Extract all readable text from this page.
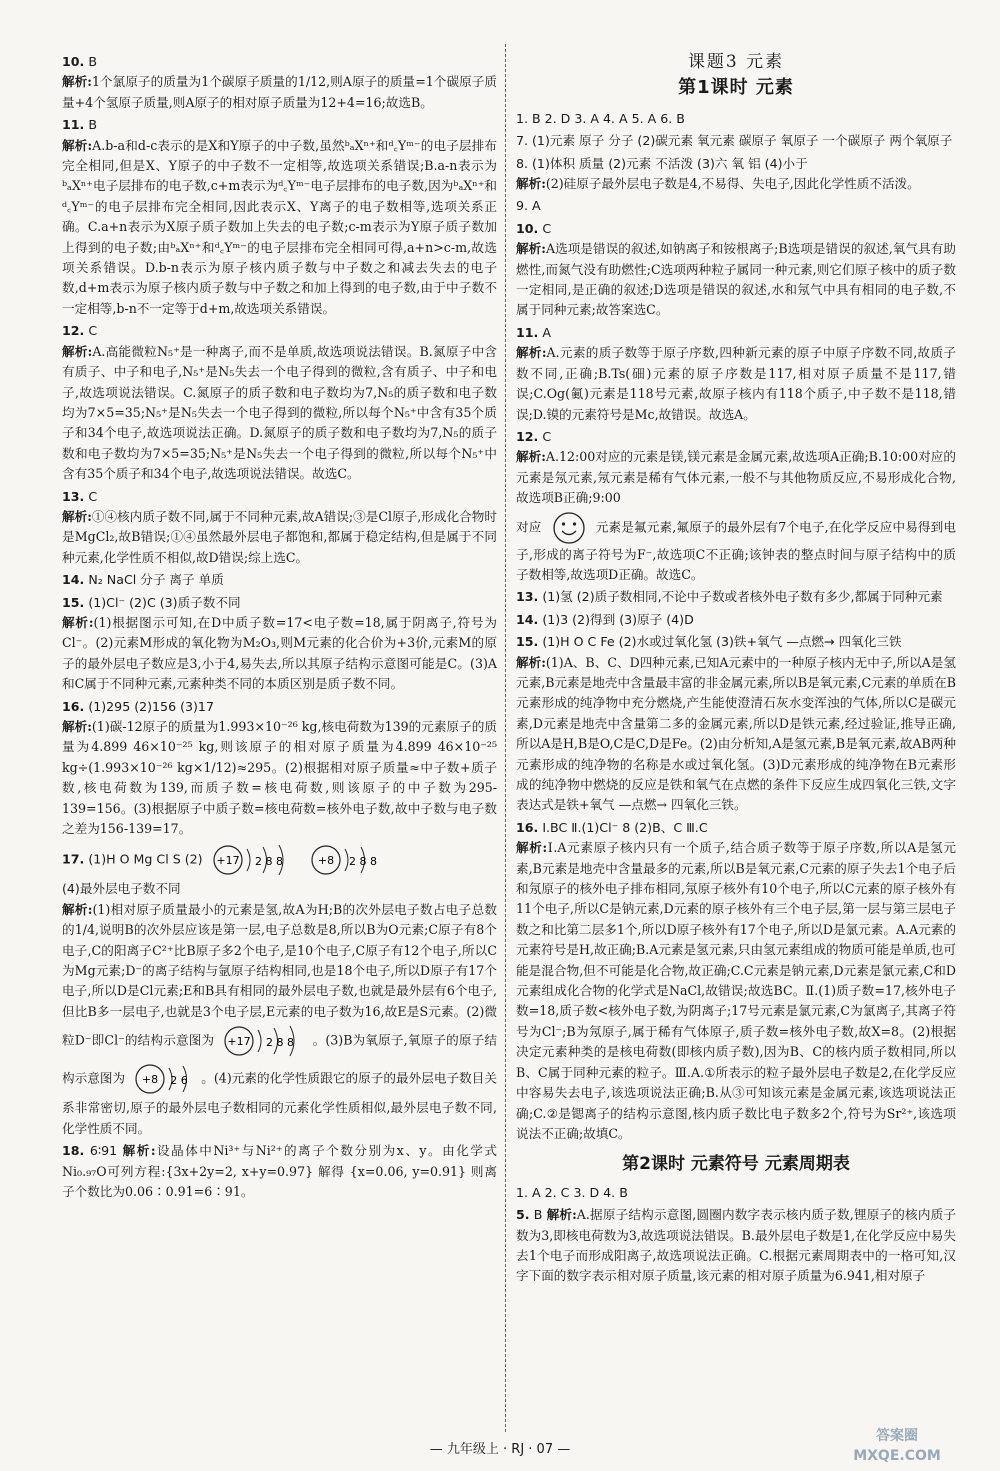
10. B
解析:1个氯原子的质量为1个碳原子质量的1/12,则A原子的质量=1个碳原子质量+4个氢原子质量,则A原子的相对原子质量为12+4=16;故选B。
11. B
解析:A.b-a和d-c表示的是X和Y原子的中子数,虽然ᵇₐXⁿ⁺和ᵈ꜀Yᵐ⁻的电子层排布完全相同,但是X、Y原子的中子数不一定相等,故选项关系错误;B.a-n表示为ᵇₐXⁿ⁺电子层排布的电子数,c+m表示为ᵈ꜀Yᵐ⁻电子层排布的电子数,因为ᵇₐXⁿ⁺和ᵈ꜀Yᵐ⁻的电子层排布完全相同,因此表示X、Y离子的电子数相等,选项关系正确。C.a+n表示为X原子质子数加上失去的电子数;c-m表示为Y原子质子数加上得到的电子数;由ᵇₐXⁿ⁺和ᵈ꜀Yᵐ⁻的电子层排布完全相同可得,a+n>c-m,故选项关系错误。D.b-n表示为原子核内质子数与中子数之和减去失去的电子数,d+m表示为原子核内质子数与中子数之和加上得到的电子数,由于中子数不一定相等,b-n不一定等于d+m,故选项关系错误。
12. C
解析:A.高能微粒N₅⁺是一种离子,而不是单质,故选项说法错误。B.氮原子中含有质子、中子和电子,N₅⁺是N₅失去一个电子得到的微粒,含有质子、中子和电子,故选项说法错误。C.氮原子的质子数和电子数均为7,N₅的质子数和电子数均为7×5=35;N₅⁺是N₅失去一个电子得到的微粒,所以每个N₅⁺中含有35个质子和34个电子,故选项说法正确。D.氮原子的质子数和电子数均为7,N₅的质子数和电子数均为7×5=35;N₅⁺是N₅失去一个电子得到的微粒,所以每个N₅⁺中含有35个质子和34个电子,故选项说法错误。故选C。
13. C
解析:①④核内质子数不同,属于不同种元素,故A错误;③是Cl原子,形成化合物时是MgCl₂,故B错误;①④虽然最外层电子都饱和,都属于稳定结构,但是属于不同种元素,化学性质不相似,故D错误;综上选C。
14. N₂ NaCl 分子 离子 单质
15. (1)Cl⁻ (2)C (3)质子数不同
解析:(1)根据图示可知,在D中质子数=17<电子数=18,属于阴离子,符号为Cl⁻。(2)元素M形成的氧化物为M₂O₃,则M元素的化合价为+3价,元素M的原子的最外层电子数应是3,小于4,易失去,所以其原子结构示意图可能是C。(3)A和C属于不同种元素,元素种类不同的本质区别是质子数不同。
16. (1)295 (2)156 (3)17
解析:(1)碳-12原子的质量为1.993×10⁻²⁶ kg,核电荷数为139的元素原子的质量为4.899 46×10⁻²⁵ kg,则该原子的相对原子质量为4.899 46×10⁻²⁵ kg÷(1.993×10⁻²⁶ kg×1/12)≈295。(2)根据相对原子质量≈中子数+质子数,核电荷数为139,而质子数=核电荷数,则该原子的中子数为295-139=156。(3)根据原子中质子数=核电荷数=核外电子数,故中子数与电子数之差为156-139=17。
17. (1)H O Mg Cl S (2) +17 2 8 8
	+8 2 8 8
(4)最外层电子数不同
解析:(1)相对原子质量最小的元素是氢,故A为H;B的次外层电子数占电子总数的1/4,说明B的次外层应该是第一层,电子总数是8,所以B为O元素;C原子有8个电子,C的阳离子C²⁺比B原子多2个电子,是10个电子,C原子有12个电子,所以C为Mg元素;D⁻的离子结构与氩原子结构相同,也是18个电子,所以D原子有17个电子,所以D是Cl元素;E和B具有相同的最外层电子数,也就是最外层有6个电子,但比B多一层电子,也就是3个电子层,E元素的电子数为16,故E是S元素。(2)微粒D⁻即Cl⁻的结构示意图为 +17 2 8 8 。(3)B为氧原子,氧原子的原子结构示意图为 +8 2 6 。(4)元素的化学性质跟它的原子的最外层电子数目关系非常密切,原子的最外层电子数相同的元素化学性质相似,最外层电子数不同,化学性质不同。
18. 6∶91 解析:设晶体中Ni³⁺与Ni²⁺的离子个数分别为x、y。由化学式Ni₀.₉₇O可列方程:{3x+2y=2, x+y=0.97} 解得 {x=0.06, y=0.91} 则离子个数比为0.06∶0.91=6∶91。
课题3 元素
第1课时 元素
1. B 2. D 3. A 4. A 5. A 6. B
7. (1)元素 原子 分子 (2)碳元素 氧元素 碳原子 氧原子 一个碳原子 两个氧原子
8. (1)体积 质量 (2)元素 不活泼 (3)六 氧 铝 (4)小于
解析:(2)硅原子最外层电子数是4,不易得、失电子,因此化学性质不活泼。
9. A
10. C
解析:A选项是错误的叙述,如钠离子和铵根离子;B选项是错误的叙述,氧气具有助燃性,而氮气没有助燃性;C选项两种粒子属同一种元素,则它们原子核中的质子数一定相同,是正确的叙述;D选项是错误的叙述,水和氖气中具有相同的电子数,不属于同种元素;故答案选C。
11. A
解析:A.元素的质子数等于原子序数,四种新元素的原子中原子序数不同,故质子数不同,正确;B.Ts(鿬)元素的原子序数是117,相对原子质量不是117,错误;C.Og(鿫)元素是118号元素,故原子核内有118个质子,中子数不是118,错误;D.镆的元素符号是Mc,故错误。故选A。
12. C
解析:A.12:00对应的元素是镁,镁元素是金属元素,故选项A正确;B.10:00对应的元素是氖元素,氖元素是稀有气体元素,一般不与其他物质反应,不易形成化合物,故选项B正确;9:00
对应	元素是氟元素,氟原子的最外层有7个电子,在化学反应中易得到电子,形成的离子符号为F⁻,故选项C不正确;该钟表的整点时间与原子结构中的质子数相等,故选项D正确。故选C。
13. (1)氢 (2)质子数相同,不论中子数或者核外电子数有多少,都属于同种元素
14. (1)3 (2)得到 (3)原子 (4)D
15. (1)H O C Fe (2)水或过氧化氢 (3)铁+氧气 —点燃→ 四氧化三铁
解析:(1)A、B、C、D四种元素,已知A元素中的一种原子核内无中子,所以A是氢元素,B元素是地壳中含量最丰富的非金属元素,所以B是氧元素,C元素的单质在B元素形成的纯净物中充分燃烧,产生能使澄清石灰水变浑浊的气体,所以C是碳元素,D元素是地壳中含量第二多的金属元素,所以D是铁元素,经过验证,推导正确,所以A是H,B是O,C是C,D是Fe。(2)由分析知,A是氢元素,B是氧元素,故AB两种元素形成的纯净物的名称是水或过氧化氢。(3)D元素形成的纯净物在B元素形成的纯净物中燃烧的反应是铁和氧气在点燃的条件下反应生成四氧化三铁,文字表达式是铁+氧气 —点燃→ 四氧化三铁。
16. Ⅰ.BC Ⅱ.(1)Cl⁻ 8 (2)B、C Ⅲ.C
解析:Ⅰ.A元素原子核内只有一个质子,结合质子数等于原子序数,所以A是氢元素,B元素是地壳中含量最多的元素,所以B是氧元素,C元素的原子失去1个电子后和氖原子的核外电子排布相同,氖原子核外有10个电子,所以C元素的原子核外有11个电子,所以C是钠元素,D元素的原子核外有三个电子层,第一层与第三层电子数之和比第二层多1个,所以D原子核外有17个电子,所以D是氯元素。A.A元素的元素符号是H,故正确;B.A元素是氢元素,只由氢元素组成的物质可能是单质,也可能是混合物,但不可能是化合物,故正确;C.C元素是钠元素,D元素是氯元素,C和D元素组成化合物的化学式是NaCl,故错误;故选BC。Ⅱ.(1)质子数=17,核外电子数=18,质子数<核外电子数,为阴离子;17号元素是氯元素,C为氯离子,其离子符号为Cl⁻;B为氖原子,属于稀有气体原子,质子数=核外电子数,故X=8。(2)根据决定元素种类的是核电荷数(即核内质子数),因为B、C的核内质子数相同,所以B、C属于同种元素的粒子。Ⅲ.A.①所表示的粒子最外层电子数是2,在化学反应中容易失去电子,该选项说法正确;B.从③可知该元素是金属元素,该选项说法正确;C.②是锶离子的结构示意图,核内质子数比电子数多2个,符号为Sr²⁺,该选项说法不正确;故填C。
第2课时 元素符号 元素周期表
1. A 2. C 3. D 4. B
5. B 解析:A.据原子结构示意图,圆圈内数字表示核内质子数,锂原子的核内质子数为3,即核电荷数为3,故选项说法错误。B.最外层电子数是1,在化学反应中易失去1个电子而形成阳离子,故选项说法正确。C.根据元素周期表中的一格可知,汉字下面的数字表示相对原子质量,该元素的相对原子质量为6.941,相对原子
— 九年级上 · RJ · 07 —
答案圈
MXQE.COM
